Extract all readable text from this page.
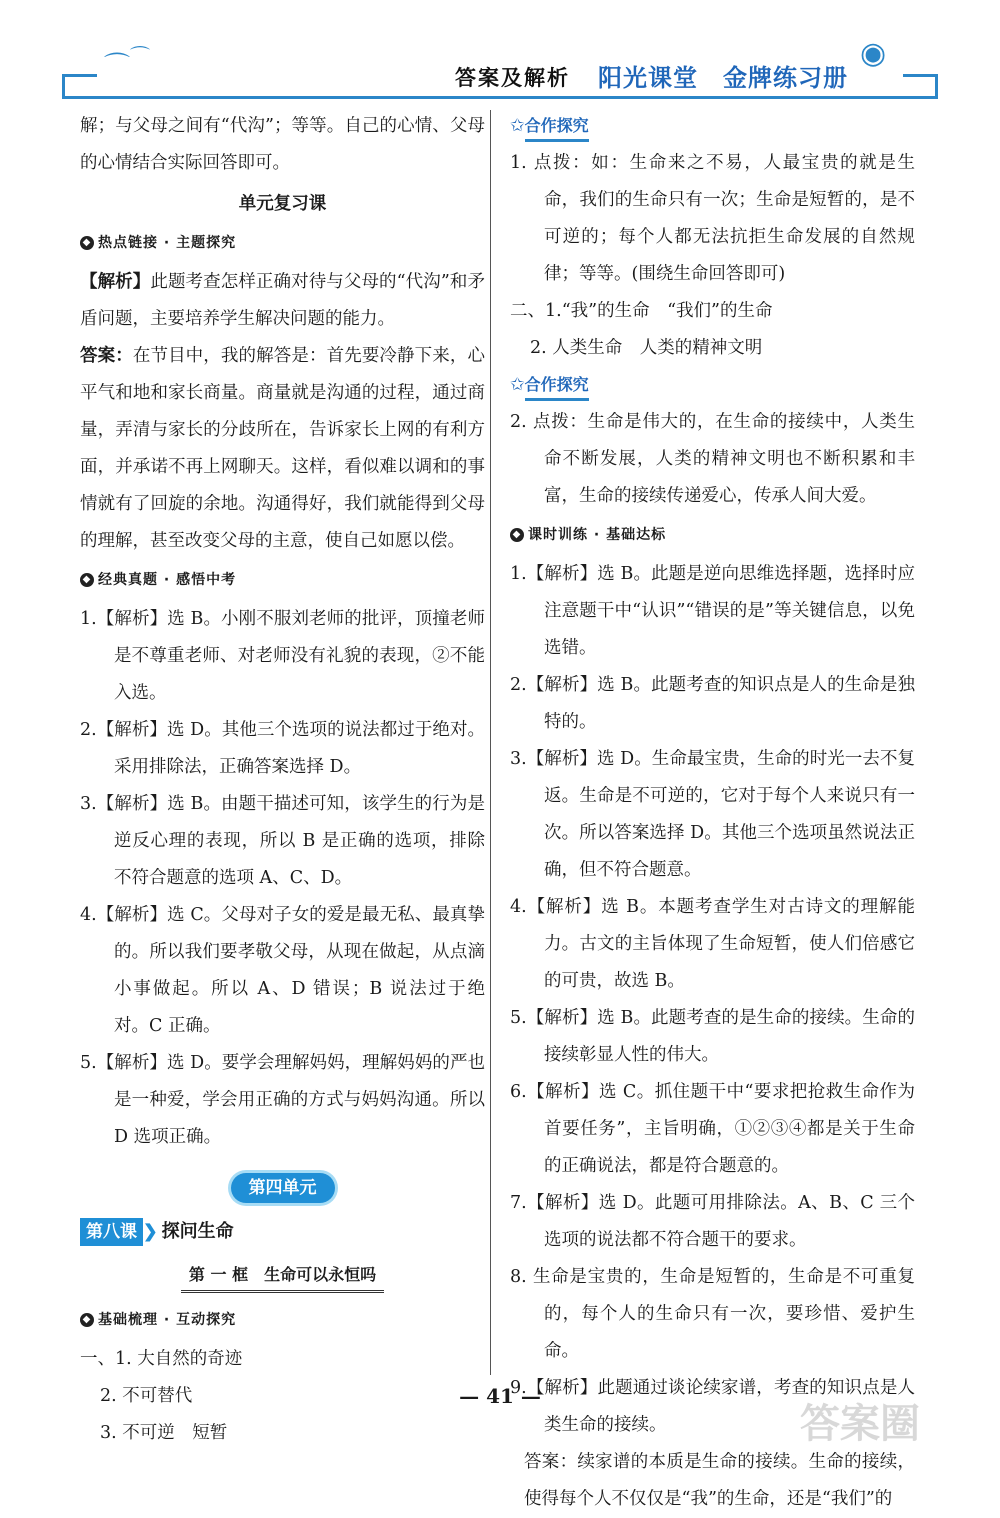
⌒ ⌒
答案及解析 阳光课堂　金牌练习册
◉

解；与父母之间有“代沟”；等等。自己的心情、父母的心情结合实际回答即可。

单元复习课

◆ 热点链接 · 主题探究

【解析】此题考查怎样正确对待与父母的“代沟”和矛盾问题，主要培养学生解决问题的能力。

答案：在节目中，我的解答是：首先要冷静下来，心平气和地和家长商量。商量就是沟通的过程，通过商量，弄清与家长的分歧所在，告诉家长上网的有利方面，并承诺不再上网聊天。这样，看似难以调和的事情就有了回旋的余地。沟通得好，我们就能得到父母的理解，甚至改变父母的主意，使自己如愿以偿。

◆ 经典真题 · 感悟中考

1.【解析】选 B。小刚不服刘老师的批评，顶撞老师是不尊重老师、对老师没有礼貌的表现，②不能入选。

2.【解析】选 D。其他三个选项的说法都过于绝对。采用排除法，正确答案选择 D。

3.【解析】选 B。由题干描述可知，该学生的行为是逆反心理的表现，所以 B 是正确的选项，排除不符合题意的选项 A、C、D。

4.【解析】选 C。父母对子女的爱是最无私、最真挚的。所以我们要孝敬父母，从现在做起，从点滴小事做起。所以 A、D 错误；B 说法过于绝对。C 正确。

5.【解析】选 D。要学会理解妈妈，理解妈妈的严也是一种爱，学会用正确的方式与妈妈沟通。所以 D 选项正确。

第四单元

第八课 ❯ 探问生命

第 一 框　生命可以永恒吗

◆ 基础梳理 · 互动探究

一、1. 大自然的奇迹

2. 不可替代

3. 不可逆　短暂

✩合作探究

1. 点拨：如：生命来之不易，人最宝贵的就是生命，我们的生命只有一次；生命是短暂的，是不可逆的；每个人都无法抗拒生命发展的自然规律；等等。(围绕生命回答即可)

二、1.“我”的生命　“我们”的生命

2. 人类生命　人类的精神文明

✩合作探究

2. 点拨：生命是伟大的，在生命的接续中，人类生命不断发展，人类的精神文明也不断积累和丰富，生命的接续传递爱心，传承人间大爱。

◆ 课时训练 · 基础达标

1.【解析】选 B。此题是逆向思维选择题，选择时应注意题干中“认识”“错误的是”等关键信息，以免选错。

2.【解析】选 B。此题考查的知识点是人的生命是独特的。

3.【解析】选 D。生命最宝贵，生命的时光一去不复返。生命是不可逆的，它对于每个人来说只有一次。所以答案选择 D。其他三个选项虽然说法正确，但不符合题意。

4.【解析】选 B。本题考查学生对古诗文的理解能力。古文的主旨体现了生命短暂，使人们倍感它的可贵，故选 B。

5.【解析】选 B。此题考查的是生命的接续。生命的接续彰显人性的伟大。

6.【解析】选 C。抓住题干中“要求把抢救生命作为首要任务”，主旨明确，①②③④都是关于生命的正确说法，都是符合题意的。

7.【解析】选 D。此题可用排除法。A、B、C 三个选项的说法都不符合题干的要求。

8. 生命是宝贵的，生命是短暂的，生命是不可重复的，每个人的生命只有一次，要珍惜、爱护生命。

9.【解析】此题通过谈论续家谱，考查的知识点是人类生命的接续。

答案：续家谱的本质是生命的接续。生命的接续，使得每个人不仅仅是“我”的生命，还是“我们”的

— 41 —
答案圈
